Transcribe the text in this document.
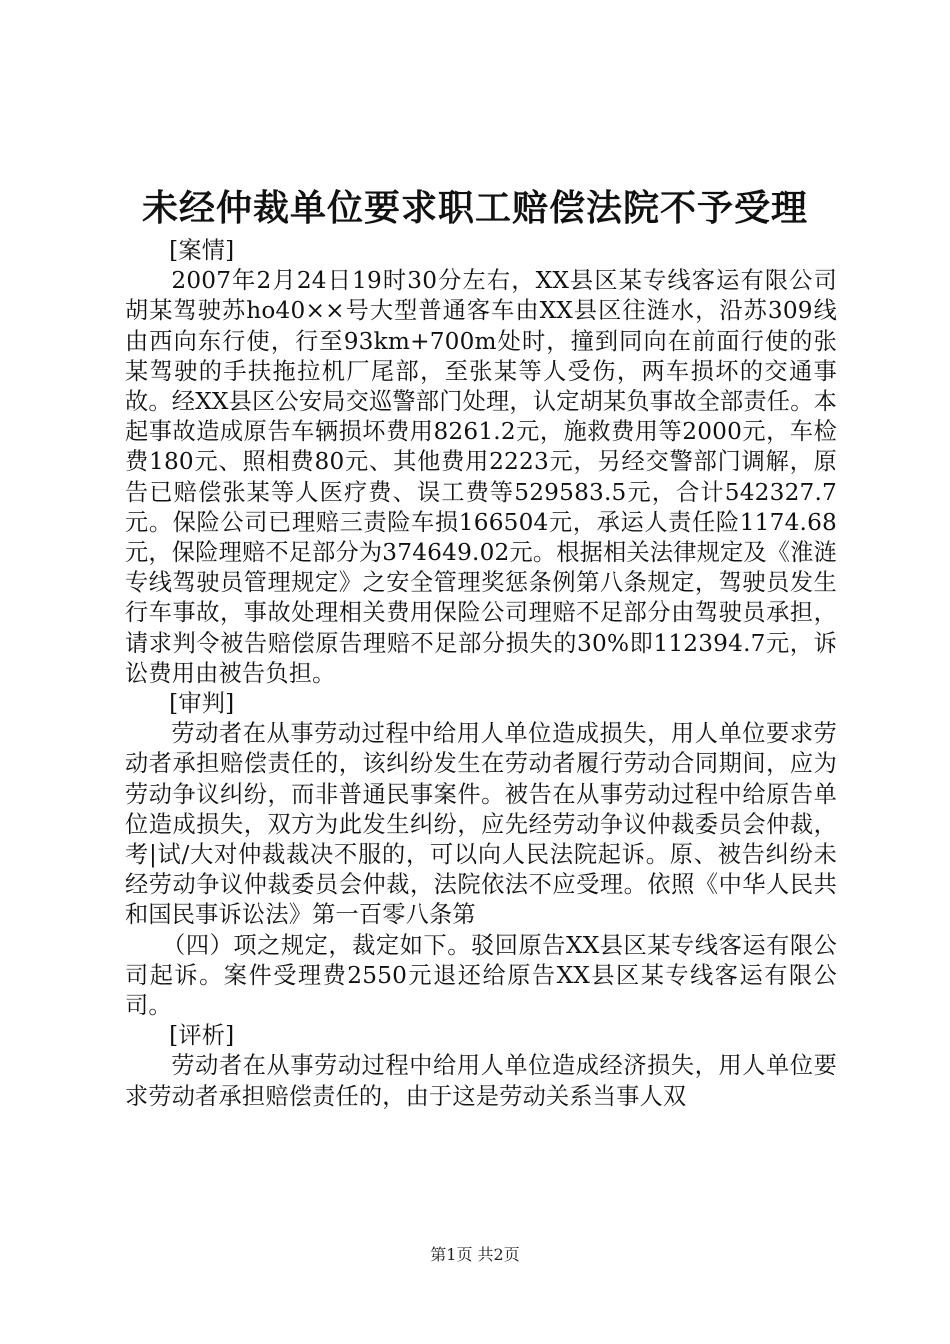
未经仲裁单位要求职工赔偿法院不予受理

[案情]

2007年2月24日19时30分左右，XX县区某专线客运有限公司胡某驾驶苏ho40××号大型普通客车由XX县区往涟水，沿苏309线由西向东行使，行至93km+700m处时，撞到同向在前面行使的张某驾驶的手扶拖拉机厂尾部，至张某等人受伤，两车损坏的交通事故。经XX县区公安局交巡警部门处理，认定胡某负事故全部责任。本起事故造成原告车辆损坏费用8261.2元，施救费用等2000元，车检费180元、照相费80元、其他费用2223元，另经交警部门调解，原告已赔偿张某等人医疗费、误工费等529583.5元，合计542327.7元。保险公司已理赔三责险车损166504元，承运人责任险1174.68元，保险理赔不足部分为374649.02元。根据相关法律规定及《淮涟专线驾驶员管理规定》之安全管理奖惩条例第八条规定，驾驶员发生行车事故，事故处理相关费用保险公司理赔不足部分由驾驶员承担，请求判令被告赔偿原告理赔不足部分损失的30%即112394.7元，诉讼费用由被告负担。

[审判]

劳动者在从事劳动过程中给用人单位造成损失，用人单位要求劳动者承担赔偿责任的，该纠纷发生在劳动者履行劳动合同期间，应为劳动争议纠纷，而非普通民事案件。被告在从事劳动过程中给原告单位造成损失，双方为此发生纠纷，应先经劳动争议仲裁委员会仲裁，考|试/大对仲裁裁决不服的，可以向人民法院起诉。原、被告纠纷未经劳动争议仲裁委员会仲裁，法院依法不应受理。依照《中华人民共和国民事诉讼法》第一百零八条第

（四）项之规定，裁定如下。驳回原告XX县区某专线客运有限公司起诉。案件受理费2550元退还给原告XX县区某专线客运有限公司。

[评析]

劳动者在从事劳动过程中给用人单位造成经济损失，用人单位要求劳动者承担赔偿责任的，由于这是劳动关系当事人双

第1页 共2页
